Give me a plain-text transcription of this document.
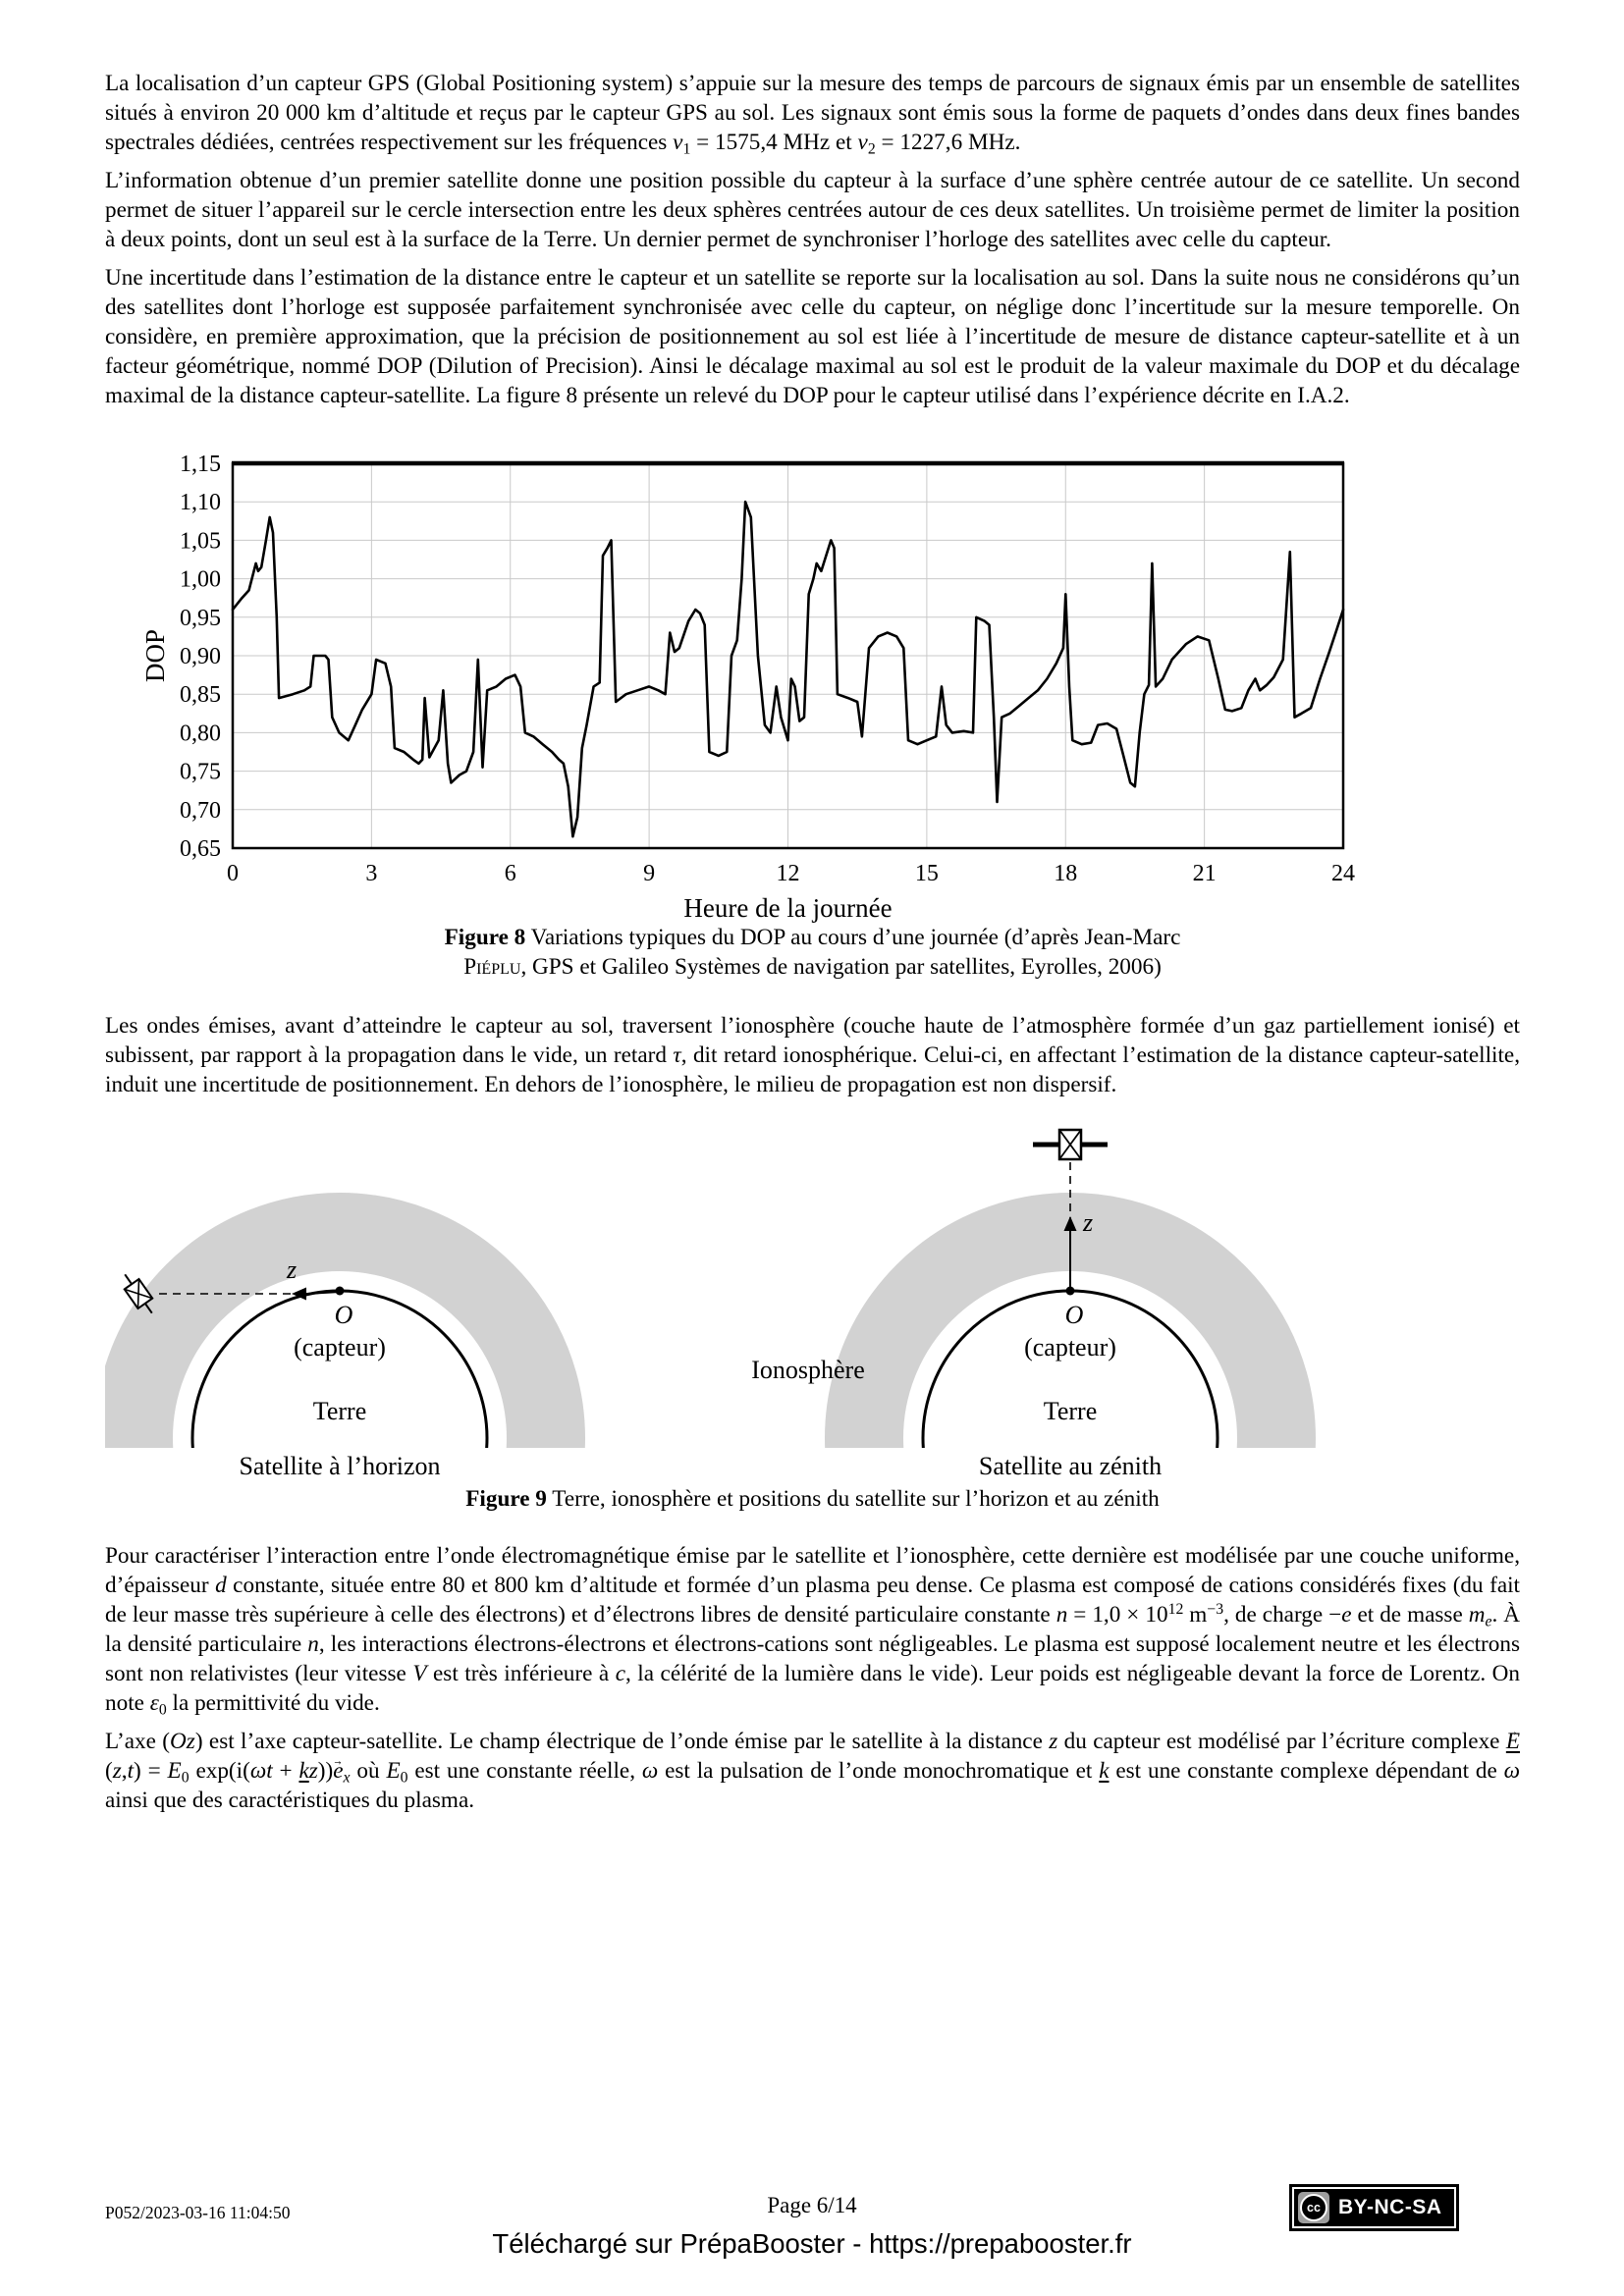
La localisation d’un capteur GPS (Global Positioning system) s’appuie sur la mesure des temps de parcours de signaux émis par un ensemble de satellites situés à environ 20 000 km d’altitude et reçus par le capteur GPS au sol. Les signaux sont émis sous la forme de paquets d’ondes dans deux fines bandes spectrales dédiées, centrées respectivement sur les fréquences ν1 = 1575,4 MHz et ν2 = 1227,6 MHz.

L’information obtenue d’un premier satellite donne une position possible du capteur à la surface d’une sphère centrée autour de ce satellite. Un second permet de situer l’appareil sur le cercle intersection entre les deux sphères centrées autour de ces deux satellites. Un troisième permet de limiter la position à deux points, dont un seul est à la surface de la Terre. Un dernier permet de synchroniser l’horloge des satellites avec celle du capteur.

Une incertitude dans l’estimation de la distance entre le capteur et un satellite se reporte sur la localisation au sol. Dans la suite nous ne considérons qu’un des satellites dont l’horloge est supposée parfaitement synchronisée avec celle du capteur, on néglige donc l’incertitude sur la mesure temporelle. On considère, en première approximation, que la précision de positionnement au sol est liée à l’incertitude de mesure de distance capteur-satellite et à un facteur géométrique, nommé DOP (Dilution of Precision). Ainsi le décalage maximal au sol est le produit de la valeur maximale du DOP et du décalage maximal de la distance capteur-satellite. La figure 8 présente un relevé du DOP pour le capteur utilisé dans l’expérience décrite en I.A.2.

0,65
0,70
0,75
0,80
0,85
0,90
0,95
1,00
1,05
1,10
1,15
0	3	6	9	12	15	18	21	24
DOP
Heure de la journée
Figure 8 Variations typiques du DOP au cours d’une journée (d’après Jean-Marc
Piéplu, GPS et Galileo Systèmes de navigation par satellites, Eyrolles, 2006)

Les ondes émises, avant d’atteindre le capteur au sol, traversent l’ionosphère (couche haute de l’atmosphère formée d’un gaz partiellement ionisé) et subissent, par rapport à la propagation dans le vide, un retard τ, dit retard ionosphérique. Celui-ci, en affectant l’estimation de la distance capteur-satellite, induit une incertitude de positionnement. En dehors de l’ionosphère, le milieu de propagation est non dispersif.

z
O
(capteur)
Terre
Satellite à l’horizon
z
O
(capteur)
Terre
Satellite au zénith
Ionosphère
Figure 9 Terre, ionosphère et positions du satellite sur l’horizon et au zénith

Pour caractériser l’interaction entre l’onde électromagnétique émise par le satellite et l’ionosphère, cette dernière est modélisée par une couche uniforme, d’épaisseur d constante, située entre 80 et 800 km d’altitude et formée d’un plasma peu dense. Ce plasma est composé de cations considérés fixes (du fait de leur masse très supérieure à celle des électrons) et d’électrons libres de densité particulaire constante $n = 1,0 \times 10^{12}$ $m^{-3}$, de charge −e et de masse me. À la densité particulaire n, les interactions électrons-électrons et électrons-cations sont négligeables. Le plasma est supposé localement neutre et les électrons sont non relativistes (leur vitesse V est très inférieure à c, la célérité de la lumière dans le vide). Leur poids est négligeable devant la force de Lorentz. On note ε0 la permittivité du vide.

L’axe (Oz) est l’axe capteur-satellite. Le champ électrique de l’onde émise par le satellite à la distance z du capteur est modélisé par l’écriture complexe → E(z,t) = E0 exp(i(ωt + kz))→ ex où E0 est une constante réelle, ω est la pulsation de l’onde monochromatique et k est une constante complexe dépendant de ω ainsi que des caractéristiques du plasma.

P052/2023-03-16 11:04:50	Page 6/14	cc BY-NC-SA
Téléchargé sur PrépaBooster - https://prepabooster.fr
